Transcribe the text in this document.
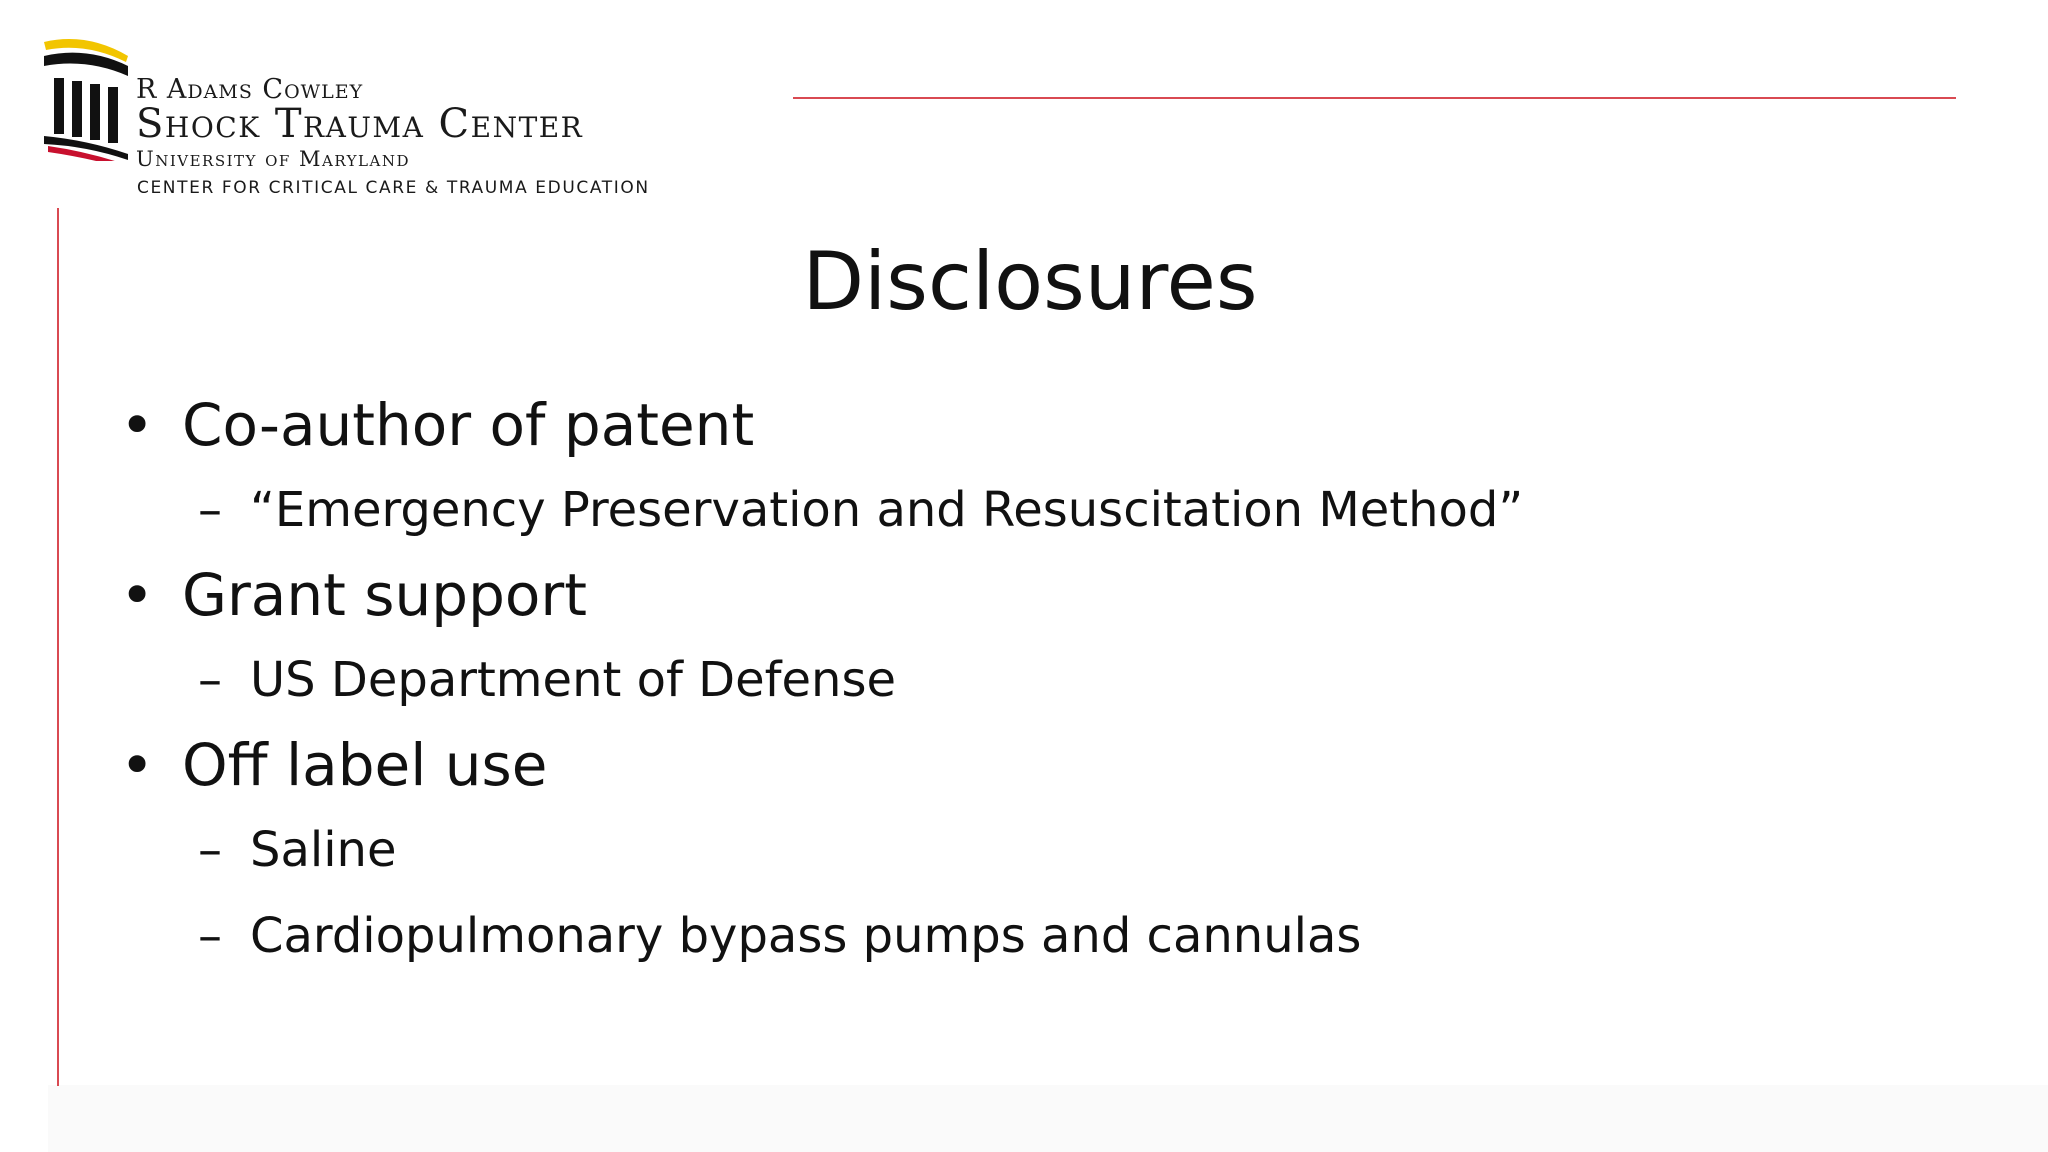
R Adams Cowley
Shock Trauma Center
University of Maryland
CENTER FOR CRITICAL CARE & TRAUMA EDUCATION
Disclosures
• Co-author of patent
– “Emergency Preservation and Resuscitation Method”
• Grant support
– US Department of Defense
• Off label use
– Saline
– Cardiopulmonary bypass pumps and cannulas
